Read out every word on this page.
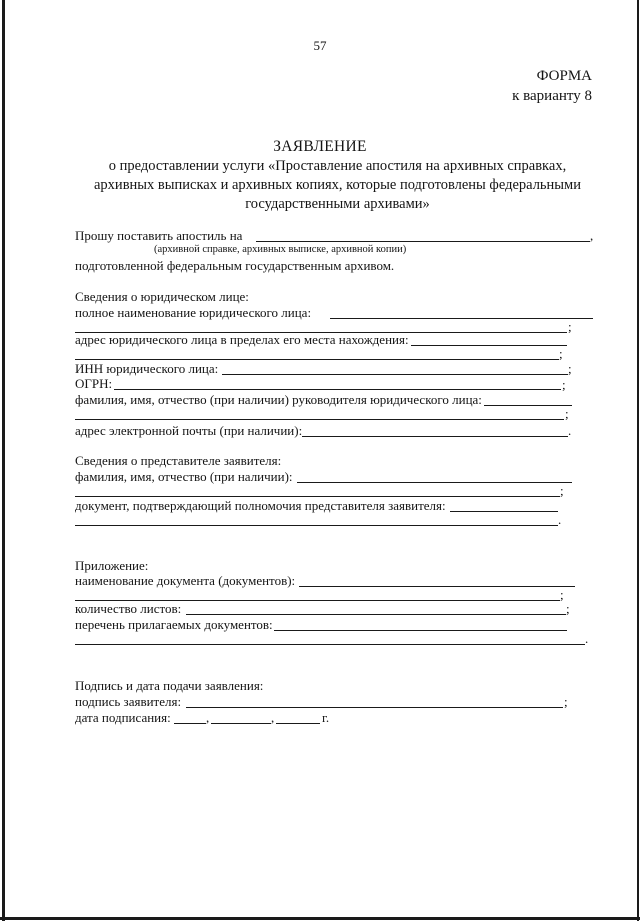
57
ФОРМА
к варианту 8
ЗАЯВЛЕНИЕ
о предоставлении услуги «Проставление апостиля на архивных справках,
архивных выписках и архивных копиях, которые подготовлены федеральными
государственными архивами»
Прошу поставить апостиль на	,
(архивной справке, архивных выписке, архивной копии)
подготовленной федеральным государственным архивом.
Сведения о юридическом лице:
полное наименование юридического лица:
;
адрес юридического лица в пределах его места нахождения:
;
ИНН юридического лица:	;
ОГРН:	;
фамилия, имя, отчество (при наличии) руководителя юридического лица:
;
адрес электронной почты (при наличии):	.
Сведения о представителе заявителя:
фамилия, имя, отчество (при наличии):
;
документ, подтверждающий полномочия представителя заявителя:
.
Приложение:
наименование документа (документов):
;
количество листов:	;
перечень прилагаемых документов:
.
Подпись и дата подачи заявления:
подпись заявителя:	;
дата подписания:	,	,	г.
